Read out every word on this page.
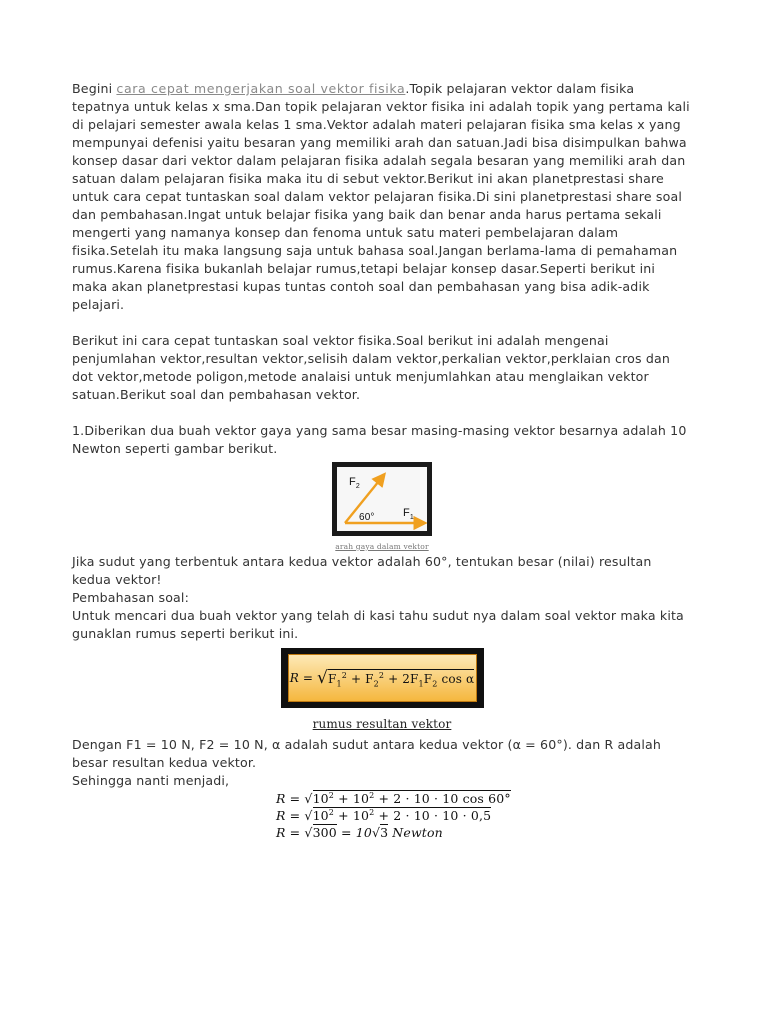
Begini cara cepat mengerjakan soal vektor fisika.Topik pelajaran vektor dalam fisika tepatnya untuk kelas x sma.Dan topik pelajaran vektor fisika ini adalah topik yang pertama kali di pelajari semester awala kelas 1 sma.Vektor adalah materi pelajaran fisika sma kelas x yang mempunyai defenisi yaitu besaran yang memiliki arah dan satuan.Jadi bisa disimpulkan bahwa konsep dasar dari vektor dalam pelajaran fisika adalah segala besaran yang memiliki arah dan satuan dalam pelajaran fisika maka itu di sebut vektor.Berikut ini akan planetprestasi share untuk cara cepat tuntaskan soal dalam vektor pelajaran fisika.Di sini planetprestasi share soal dan pembahasan.Ingat untuk belajar fisika yang baik dan benar anda harus pertama sekali mengerti yang namanya konsep dan fenoma untuk satu materi pembelajaran dalam fisika.Setelah itu maka langsung saja untuk bahasa soal.Jangan berlama-lama di pemahaman rumus.Karena fisika bukanlah belajar rumus,tetapi belajar konsep dasar.Seperti berikut ini maka akan planetprestasi kupas tuntas contoh soal dan pembahasan yang bisa adik-adik pelajari.

Berikut ini cara cepat tuntaskan soal vektor fisika.Soal berikut ini adalah mengenai penjumlahan vektor,resultan vektor,selisih dalam vektor,perkalian vektor,perklaian cros dan dot vektor,metode poligon,metode analaisi untuk menjumlahkan atau menglaikan vektor satuan.Berikut soal dan pembahasan vektor.

1.Diberikan dua buah vektor gaya yang sama besar masing-masing vektor besarnya adalah 10 Newton seperti gambar berikut.

$F_2$
$F_1$
60°
arah gaya dalam vektor

Jika sudut yang terbentuk antara kedua vektor adalah 60°, tentukan besar (nilai) resultan kedua vektor!

Pembahasan soal:

Untuk mencari dua buah vektor yang telah di kasi tahu sudut nya dalam soal vektor maka kita gunaklan rumus seperti berikut ini.

R = √ $F_1^2 + F_2^2 + 2F_1F_2$ cos α
rumus resultan vektor

Dengan F1 = 10 N, F2 = 10 N, α adalah sudut antara kedua vektor (α = 60°). dan R adalah besar resultan kedua vektor.

Sehingga nanti menjadi,

$R = √10^2 + 10^2 + 2 \cdot 10 \cdot 10$ cos 60°
$R = √10^2 + 10^2 + 2 \cdot 10 \cdot 10 \cdot 0,5$
R = √300 = 10√3 Newton
